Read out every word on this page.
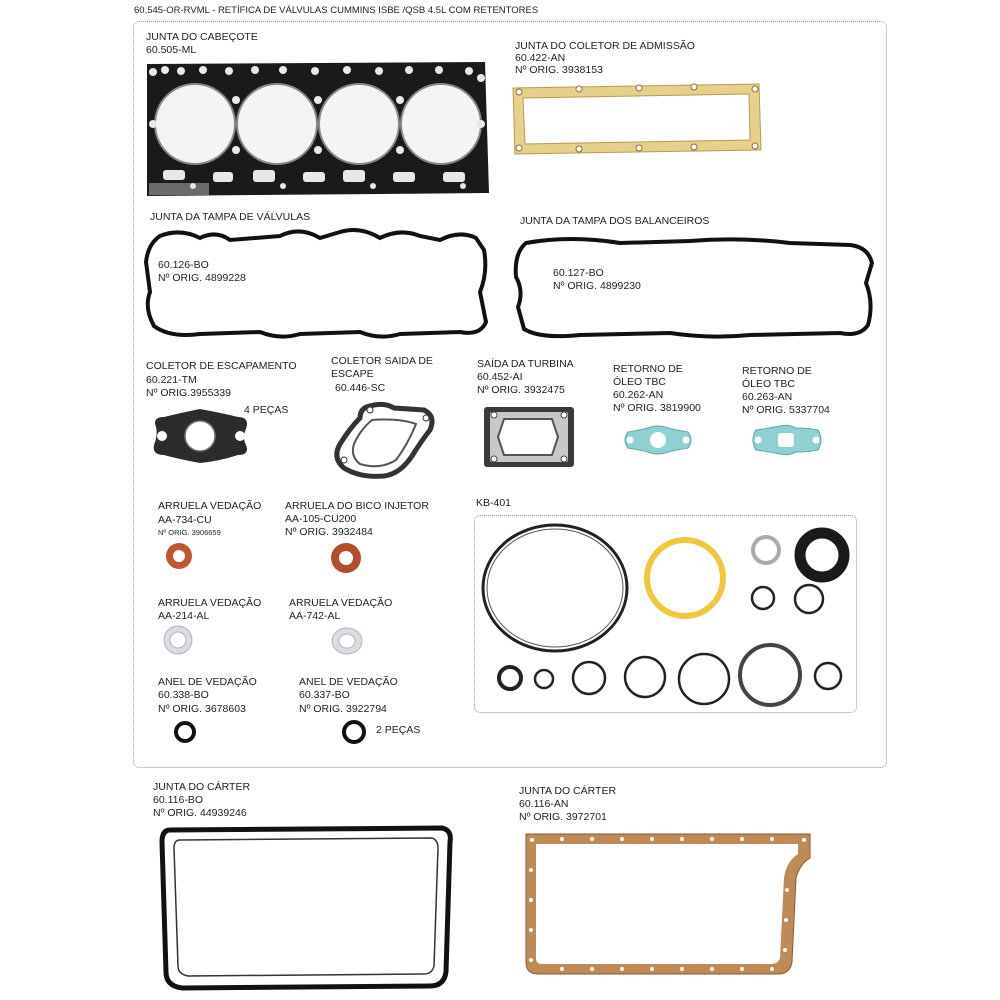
60.545-OR-RVML - RETÍFICA DE VÁLVULAS CUMMINS ISBE /QSB 4.5L COM RETENTORES
JUNTA DO CABEÇOTE
60.505-ML	JUNTA DO COLETOR DE ADMISSÃO
60.422-AN
Nº ORIG. 3938153
JUNTA DA TAMPA DE VÁLVULAS
60.126-BO
Nº ORIG. 4899228
JUNTA DA TAMPA DOS BALANCEIROS
60.127-BO
Nº ORIG. 4899230
COLETOR DE ESCAPAMENTO
60.221-TM
Nº ORIG.3955339
4 PEÇAS
COLETOR SAIDA DE
ESCAPE
60.446-SC
SAÍDA DA TURBINA
60.452-AI
Nº ORIG. 3932475
RETORNO DE
ÓLEO TBC
60.262-AN
Nº ORIG. 3819900
RETORNO DE
ÓLEO TBC
60.263-AN
Nº ORIG. 5337704
ARRUELA VEDAÇÃO
AA-734-CU
Nº ORIG. 3906659
ARRUELA DO BICO INJETOR
AA-105-CU200
Nº ORIG. 3932484
ARRUELA VEDAÇÃO
AA-214-AL
ARRUELA VEDAÇÃO
AA-742-AL
ANEL DE VEDAÇÃO
60.338-BO
Nº ORIG. 3678603
ANEL DE VEDAÇÃO
60.337-BO
Nº ORIG. 3922794
2 PEÇAS
KB-401
JUNTA DO CÁRTER
60.116-BO
Nº ORIG. 44939246
JUNTA DO CÁRTER
60.116-AN
Nº ORIG. 3972701
